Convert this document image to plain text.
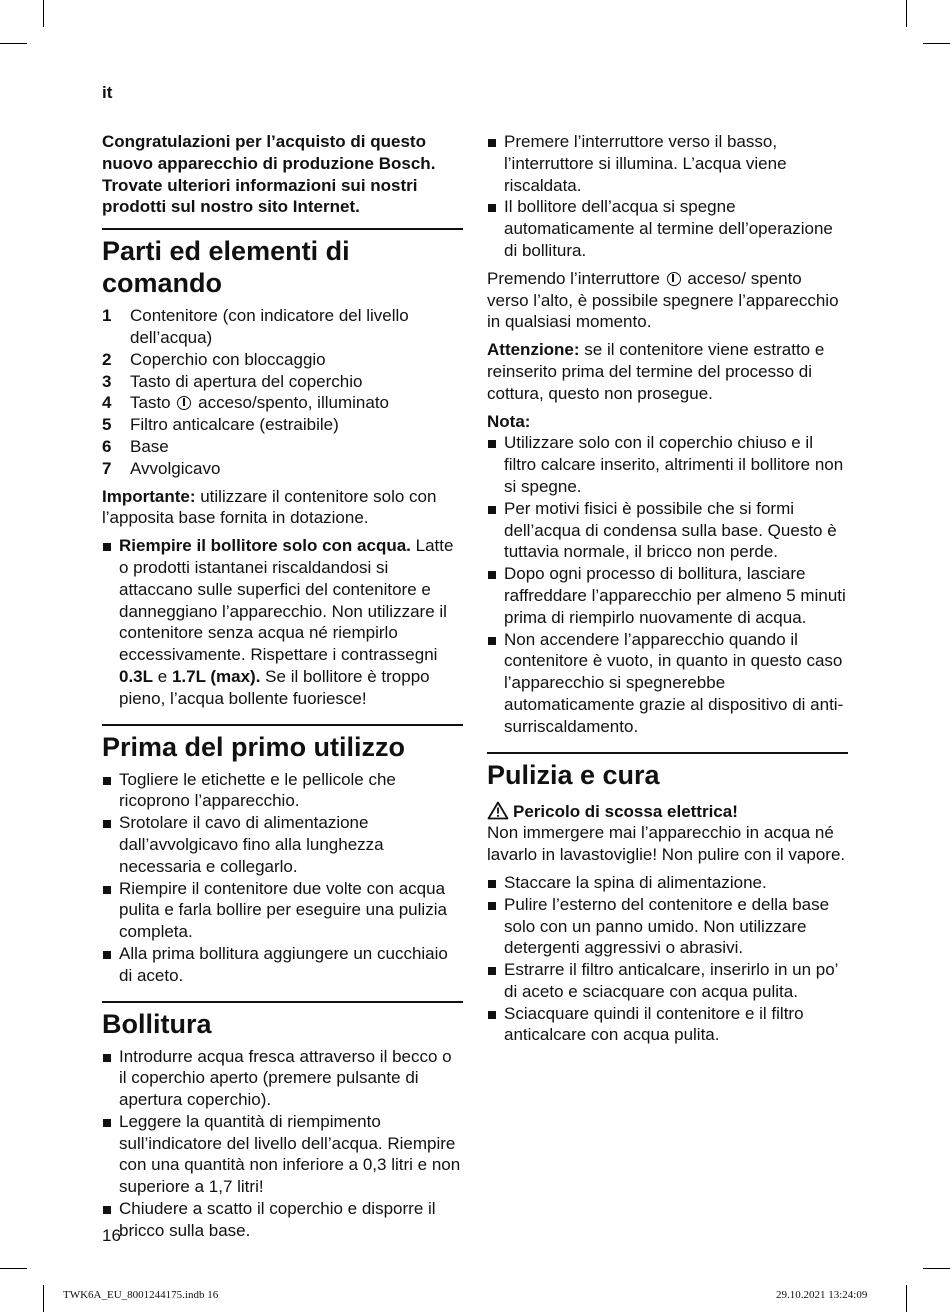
it

Congratulazioni per l’acquisto di questo nuovo apparecchio di produzione Bosch. Trovate ulteriori informazioni sui nostri prodotti sul nostro sito Internet.

Parti ed elementi di comando
1 Contenitore (con indicatore del livello dell’acqua)
2 Coperchio con bloccaggio
3 Tasto di apertura del coperchio
4 Tasto acceso/spento, illuminato
5 Filtro anticalcare (estraibile)
6 Base
7 Avvolgicavo

Importante: utilizzare il contenitore solo con l’apposita base fornita in dotazione.

Riempire il bollitore solo con acqua. Latte o prodotti istantanei riscaldandosi si attaccano sulle superfici del contenitore e danneggiano l’apparecchio. Non utilizzare il contenitore senza acqua né riempirlo eccessivamente. Rispettare i contrassegni 0.3L e 1.7L (max). Se il bollitore è troppo pieno, l’acqua bollente fuoriesce!
Prima del primo utilizzo
Togliere le etichette e le pellicole che ricoprono l’apparecchio.
Srotolare il cavo di alimentazione dall’avvolgicavo fino alla lunghezza necessaria e collegarlo.
Riempire il contenitore due volte con acqua pulita e farla bollire per eseguire una pulizia completa.
Alla prima bollitura aggiungere un cucchiaio di aceto.
Bollitura
Introdurre acqua fresca attraverso il becco o il coperchio aperto (premere pulsante di apertura coperchio).
Leggere la quantità di riempimento sull’indicatore del livello dell’acqua. Riempire con una quantità non inferiore a 0,3 litri e non superiore a 1,7 litri!
Chiudere a scatto il coperchio e disporre il bricco sulla base.
Premere l’interruttore verso il basso, l’interruttore si illumina. L’acqua viene riscaldata.
Il bollitore dell’acqua si spegne automaticamente al termine dell’operazione di bollitura.

Premendo l’interruttore acceso/ spento verso l’alto, è possibile spegnere l’apparecchio in qualsiasi momento.

Attenzione: se il contenitore viene estratto e reinserito prima del termine del processo di cottura, questo non prosegue.

Nota:

Utilizzare solo con il coperchio chiuso e il filtro calcare inserito, altrimenti il bollitore non si spegne.
Per motivi fisici è possibile che si formi dell’acqua di condensa sulla base. Questo è tuttavia normale, il bricco non perde.
Dopo ogni processo di bollitura, lasciare raffreddare l’apparecchio per almeno 5 minuti prima di riempirlo nuovamente di acqua.
Non accendere l’apparecchio quando il contenitore è vuoto, in quanto in questo caso l’apparecchio si spegnerebbe automaticamente grazie al dispositivo di anti-surriscaldamento.
Pulizia e cura

Pericolo di scossa elettrica!

Non immergere mai l’apparecchio in acqua né lavarlo in lavastoviglie! Non pulire con il vapore.

Staccare la spina di alimentazione.
Pulire l’esterno del contenitore e della base solo con un panno umido. Non utilizzare detergenti aggressivi o abrasivi.
Estrarre il filtro anticalcare, inserirlo in un po’ di aceto e sciacquare con acqua pulita.
Sciacquare quindi il contenitore e il filtro anticalcare con acqua pulita.
16
TWK6A_EU_8001244175.indb 16	29.10.2021 13:24:09
